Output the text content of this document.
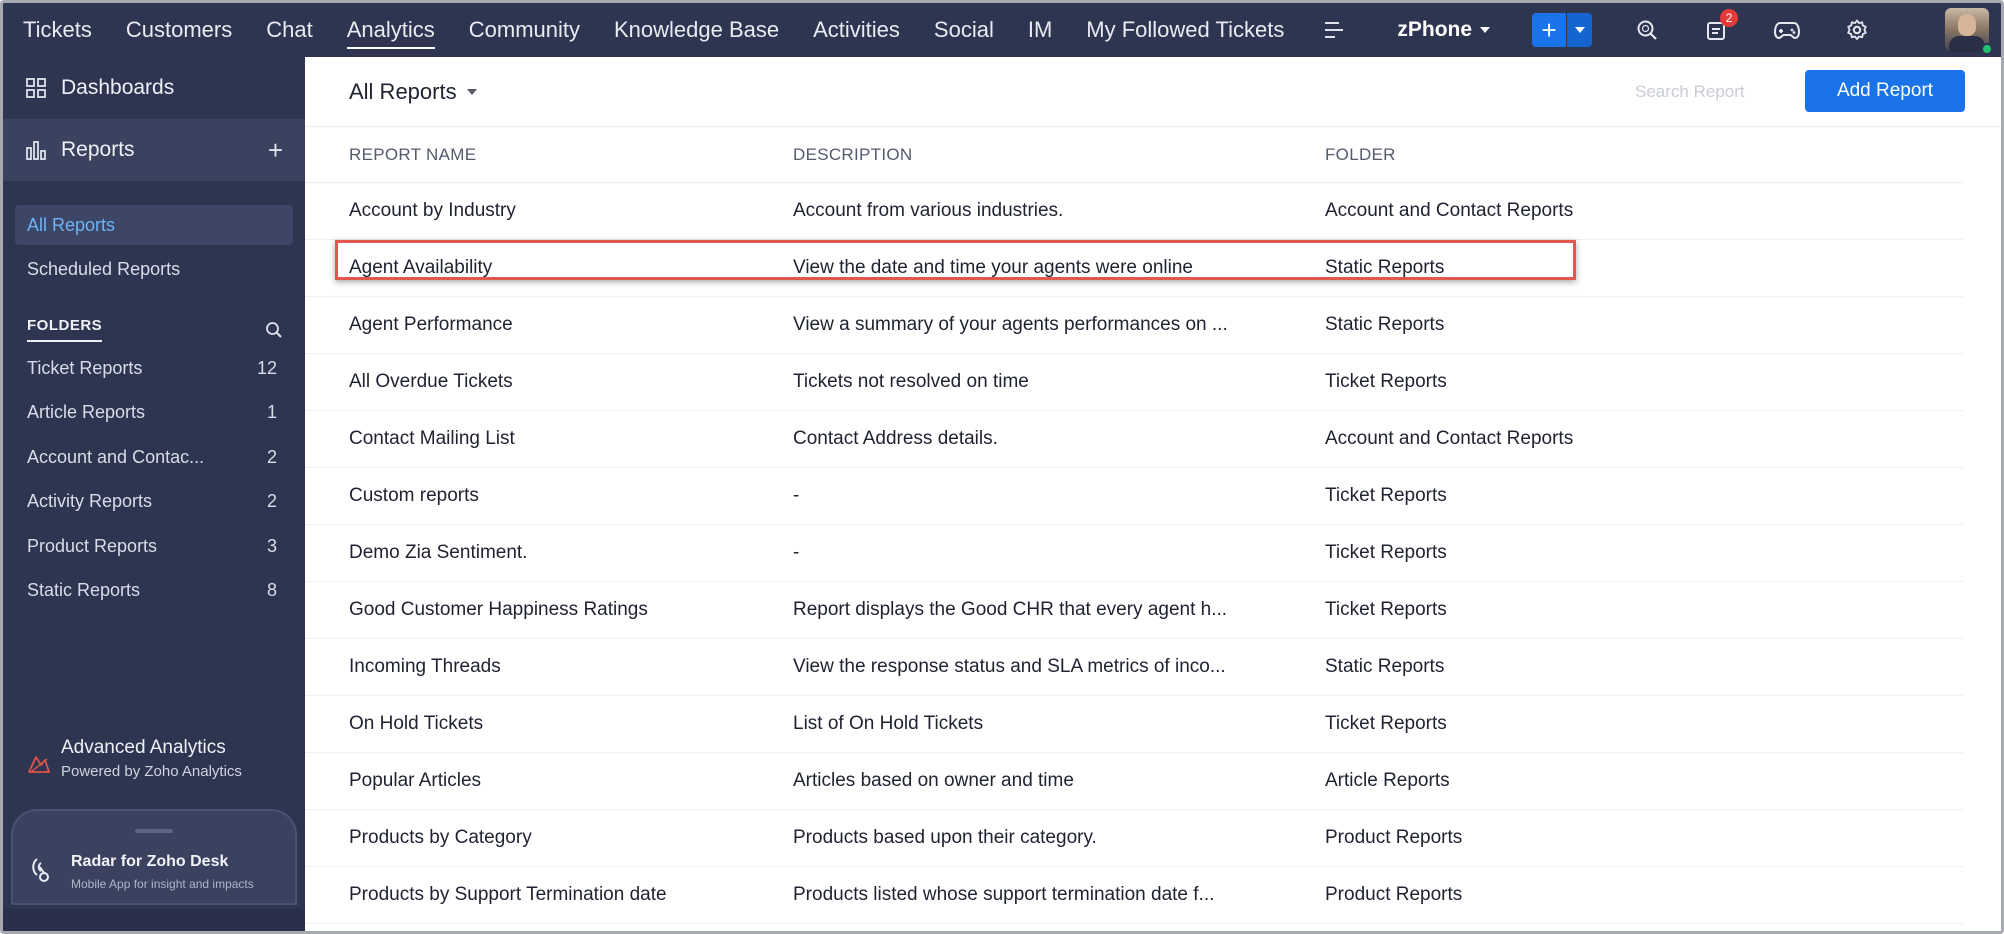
Tickets	Customers	Chat	Analytics	Community	Knowledge Base	Activities	Social	IM	My Followed Tickets	zPhone	+	2
Dashboards
Reports	+
All Reports
Scheduled Reports
FOLDERS
Ticket Reports	12
Article Reports	1
Account and Contac...	2
Activity Reports	2
Product Reports	3
Static Reports	8
Advanced Analytics
Powered by Zoho Analytics
Radar for Zoho Desk
Mobile App for insight and impacts
All Reports
Search Report	Add Report
REPORT NAME	DESCRIPTION	FOLDER
Account by Industry	Account from various industries.	Account and Contact Reports
Agent Availability	View the date and time your agents were online	Static Reports
Agent Performance	View a summary of your agents performances on ...	Static Reports
All Overdue Tickets	Tickets not resolved on time	Ticket Reports
Contact Mailing List	Contact Address details.	Account and Contact Reports
Custom reports	-	Ticket Reports
Demo Zia Sentiment.	-	Ticket Reports
Good Customer Happiness Ratings	Report displays the Good CHR that every agent h...	Ticket Reports
Incoming Threads	View the response status and SLA metrics of inco...	Static Reports
On Hold Tickets	List of On Hold Tickets	Ticket Reports
Popular Articles	Articles based on owner and time	Article Reports
Products by Category	Products based upon their category.	Product Reports
Products by Support Termination date	Products listed whose support termination date f...	Product Reports
